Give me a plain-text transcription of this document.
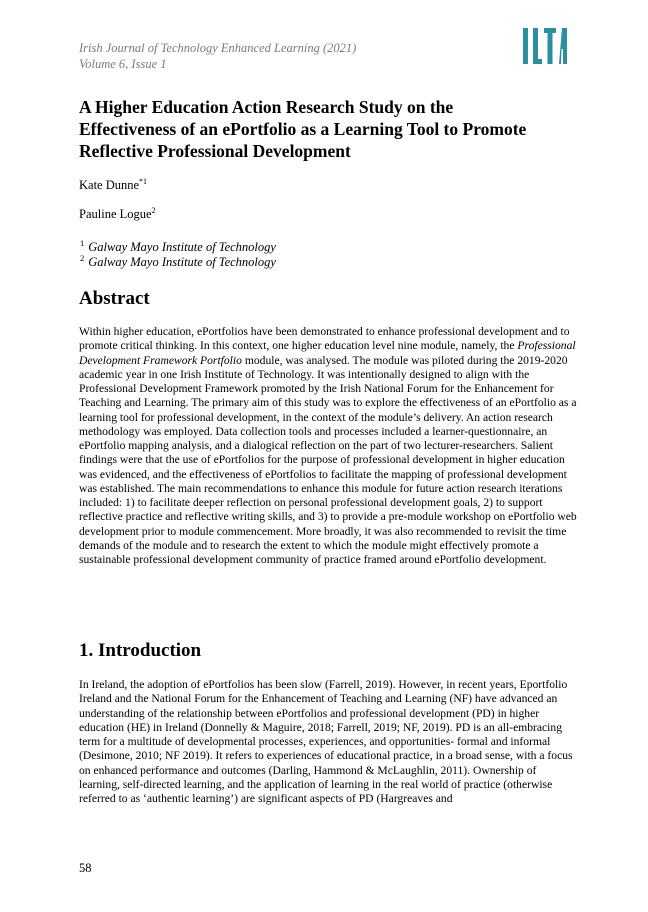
Irish Journal of Technology Enhanced Learning (2021)
Volume 6, Issue 1
A Higher Education Action Research Study on the Effectiveness of an ePortfolio as a Learning Tool to Promote Reflective Professional Development
Kate Dunne$^{*1}$
Pauline Logue$^2$
$^1$ Galway Mayo Institute of Technology
$^2$ Galway Mayo Institute of Technology
Abstract

Within higher education, ePortfolios have been demonstrated to enhance professional development and to promote critical thinking. In this context, one higher education level nine module, namely, the Professional Development Framework Portfolio module, was analysed. The module was piloted during the 2019-2020 academic year in one Irish Institute of Technology. It was intentionally designed to align with the Professional Development Framework promoted by the Irish National Forum for the Enhancement for Teaching and Learning. The primary aim of this study was to explore the effectiveness of an ePortfolio as a learning tool for professional development, in the context of the module’s delivery. An action research methodology was employed. Data collection tools and processes included a learner-questionnaire, an ePortfolio mapping analysis, and a dialogical reflection on the part of two lecturer-researchers. Salient findings were that the use of ePortfolios for the purpose of professional development in higher education was evidenced, and the effectiveness of ePortfolios to facilitate the mapping of professional development was established. The main recommendations to enhance this module for future action research iterations included: 1) to facilitate deeper reflection on personal professional development goals, 2) to support reflective practice and reflective writing skills, and 3) to provide a pre-module workshop on ePortfolio web development prior to module commencement. More broadly, it was also recommended to revisit the time demands of the module and to research the extent to which the module might effectively promote a sustainable professional development community of practice framed around ePortfolio development.

1. Introduction

In Ireland, the adoption of ePortfolios has been slow (Farrell, 2019). However, in recent years, Eportfolio Ireland and the National Forum for the Enhancement of Teaching and Learning (NF) have advanced an understanding of the relationship between ePortfolios and professional development (PD) in higher education (HE) in Ireland (Donnelly & Maguire, 2018; Farrell, 2019; NF, 2019). PD is an all-embracing term for a multitude of developmental processes, experiences, and opportunities- formal and informal (Desimone, 2010; NF 2019). It refers to experiences of educational practice, in a broad sense, with a focus on enhanced performance and outcomes (Darling, Hammond & McLaughlin, 2011). Ownership of learning, self-directed learning, and the application of learning in the real world of practice (otherwise referred to as ‘authentic learning’) are significant aspects of PD (Hargreaves and

58
